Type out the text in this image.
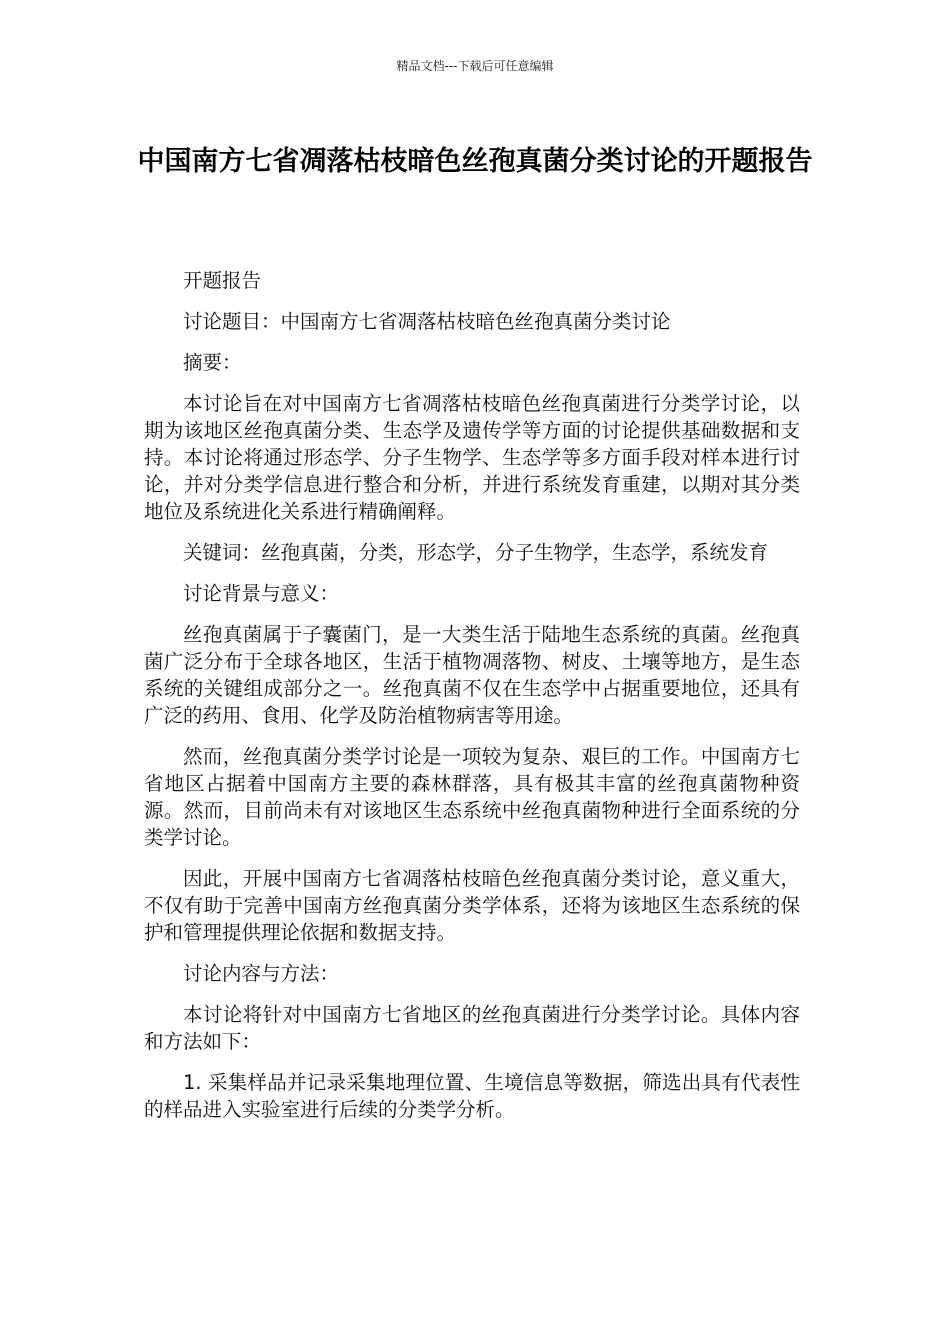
精品文档---下载后可任意编辑
中国南方七省凋落枯枝暗色丝孢真菌分类讨论的开题报告

开题报告

讨论题目：中国南方七省凋落枯枝暗色丝孢真菌分类讨论

摘要：

本讨论旨在对中国南方七省凋落枯枝暗色丝孢真菌进行分类学讨论，以期为该地区丝孢真菌分类、生态学及遗传学等方面的讨论提供基础数据和支持。本讨论将通过形态学、分子生物学、生态学等多方面手段对样本进行讨论，并对分类学信息进行整合和分析，并进行系统发育重建，以期对其分类地位及系统进化关系进行精确阐释。

关键词：丝孢真菌，分类，形态学，分子生物学，生态学，系统发育

讨论背景与意义：

丝孢真菌属于子囊菌门，是一大类生活于陆地生态系统的真菌。丝孢真菌广泛分布于全球各地区，生活于植物凋落物、树皮、土壤等地方，是生态系统的关键组成部分之一。丝孢真菌不仅在生态学中占据重要地位，还具有广泛的药用、食用、化学及防治植物病害等用途。

然而，丝孢真菌分类学讨论是一项较为复杂、艰巨的工作。中国南方七省地区占据着中国南方主要的森林群落，具有极其丰富的丝孢真菌物种资源。然而，目前尚未有对该地区生态系统中丝孢真菌物种进行全面系统的分类学讨论。

因此，开展中国南方七省凋落枯枝暗色丝孢真菌分类讨论，意义重大，不仅有助于完善中国南方丝孢真菌分类学体系，还将为该地区生态系统的保护和管理提供理论依据和数据支持。

讨论内容与方法：

本讨论将针对中国南方七省地区的丝孢真菌进行分类学讨论。具体内容和方法如下：

1. 采集样品并记录采集地理位置、生境信息等数据，筛选出具有代表性的样品进入实验室进行后续的分类学分析。
